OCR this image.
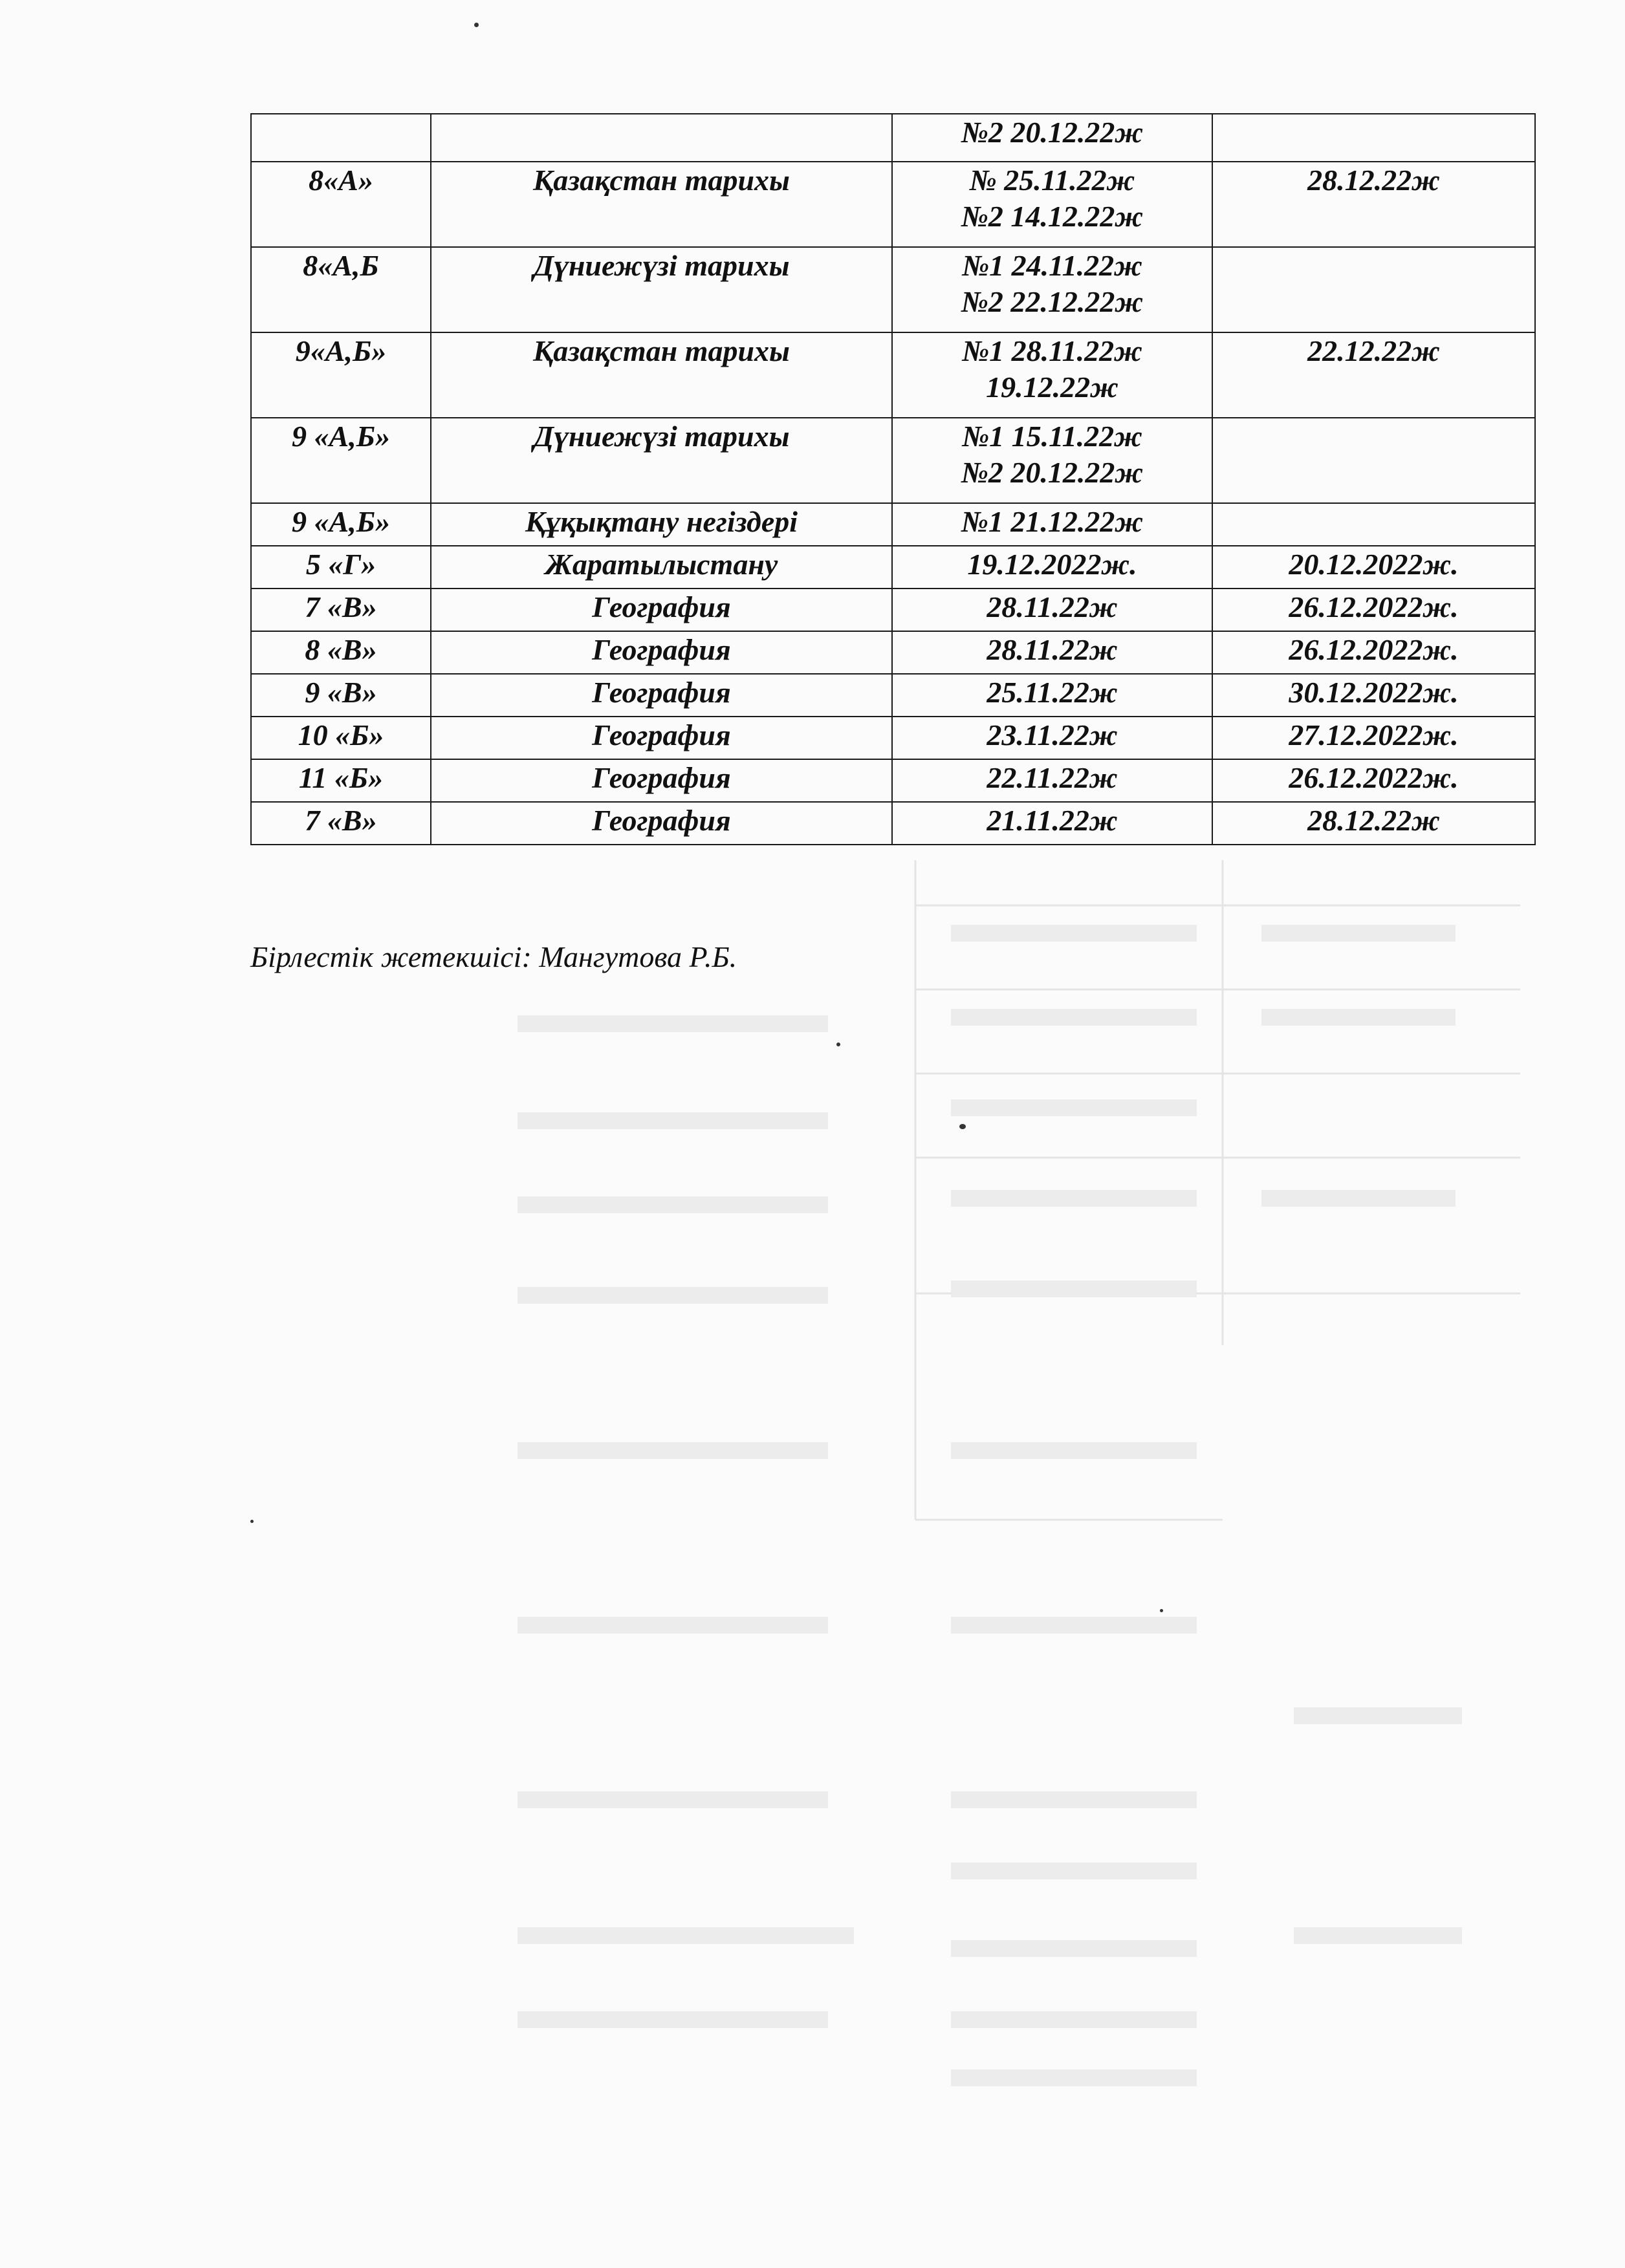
		№2 20.12.22ж	

8«А»	Қазақстан тарихы	№ 25.11.22ж
№2 14.12.22ж	28.12.22ж
8«А,Б	Дүниежүзі тарихы	№1 24.11.22ж
№2 22.12.22ж	

9«А,Б»	Қазақстан тарихы	№1 28.11.22ж
19.12.22ж	22.12.22ж
9 «А,Б»	Дүниежүзі тарихы	№1 15.11.22ж
№2 20.12.22ж	

9 «А,Б»	Құқықтану негіздері	№1 21.12.22ж	

5 «Г»	Жаратылыстану	19.12.2022ж.	20.12.2022ж.
7 «В»	География	28.11.22ж	26.12.2022ж.
8 «В»	География	28.11.22ж	26.12.2022ж.
9 «В»	География	25.11.22ж	30.12.2022ж.
10 «Б»	География	23.11.22ж	27.12.2022ж.
11 «Б»	География	22.11.22ж	26.12.2022ж.
7 «В»	География	21.11.22ж	28.12.22ж
Бірлестік жетекшісі: Мангутова Р.Б.
